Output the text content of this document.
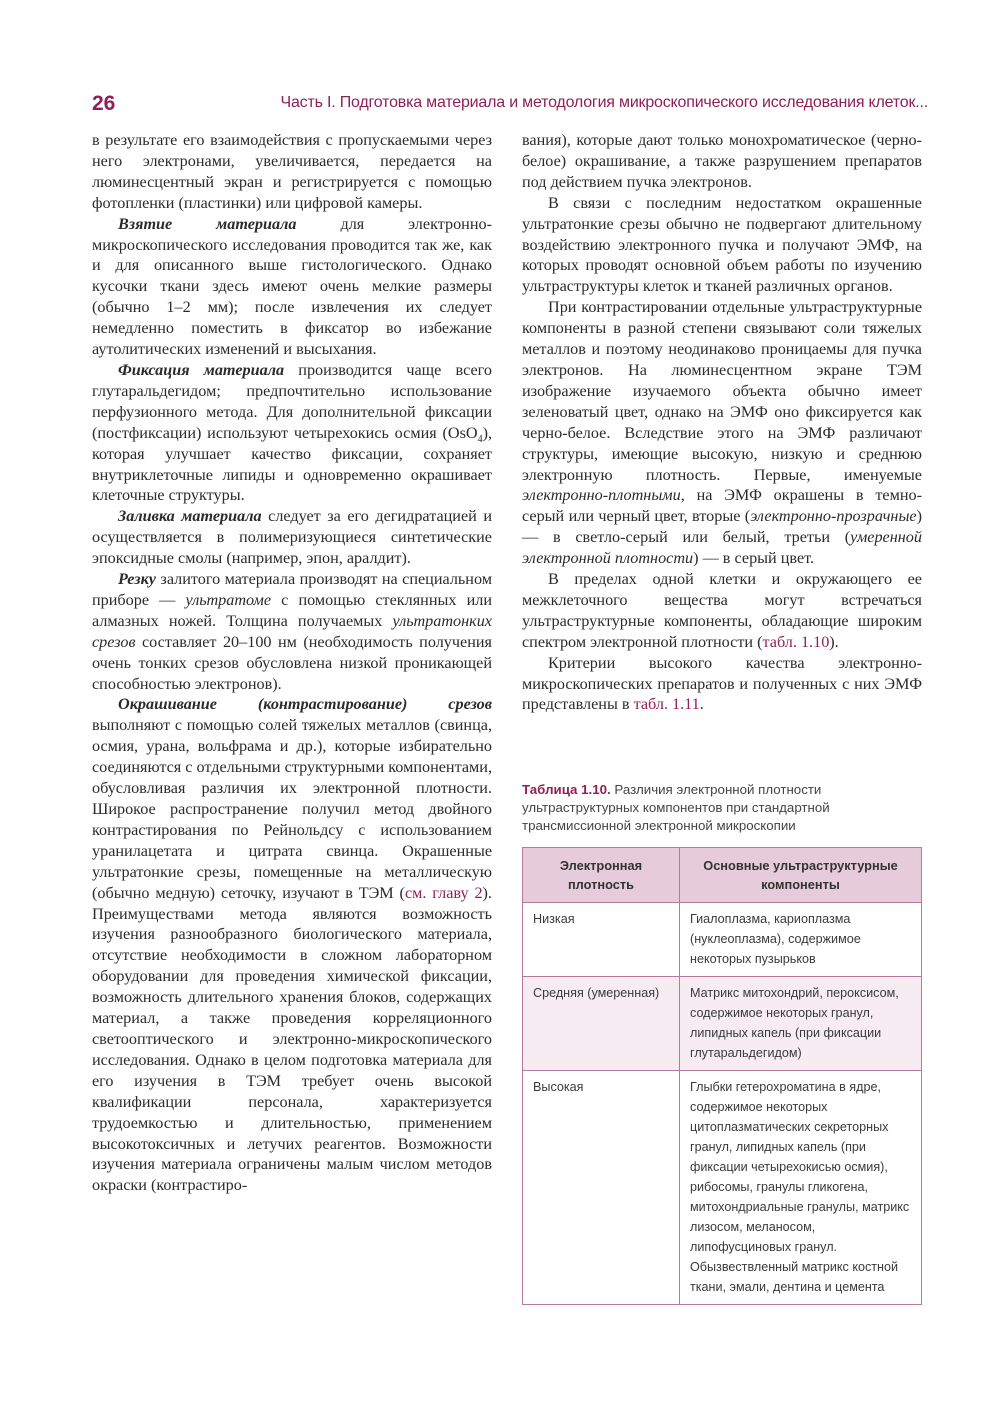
26	Часть I. Подготовка материала и методология микроскопического исследования клеток...

в результате его взаимодействия с пропускаемыми через него электронами, увеличивается, передается на люминесцентный экран и регистрируется с помощью фотопленки (пластинки) или цифровой камеры.

Взятие материала для электронно-микроскопического исследования проводится так же, как и для описанного выше гистологического. Однако кусочки ткани здесь имеют очень мелкие размеры (обычно 1–2 мм); после извлечения их следует немедленно поместить в фиксатор во избежание аутолитических изменений и высыхания.

Фиксация материала производится чаще всего глутаральдегидом; предпочтительно использование перфузионного метода. Для дополнительной фиксации (постфиксации) используют четырехокись осмия (OsO$_4$), которая улучшает качество фиксации, сохраняет внутриклеточные липиды и одновременно окрашивает клеточные структуры.

Заливка материала следует за его дегидратацией и осуществляется в полимеризующиеся синтетические эпоксидные смолы (например, эпон, аралдит).

Резку залитого материала производят на специальном приборе — ультратоме с помощью стеклянных или алмазных ножей. Толщина получаемых ультратонких срезов составляет 20–100 нм (необходимость получения очень тонких срезов обусловлена низкой проникающей способностью электронов).

Окрашивание (контрастирование) срезов выполняют с помощью солей тяжелых металлов (свинца, осмия, урана, вольфрама и др.), которые избирательно соединяются с отдельными структурными компонентами, обусловливая различия их электронной плотности. Широкое распространение получил метод двойного контрастирования по Рейнольдсу с использованием уранилацетата и цитрата свинца. Окрашенные ультратонкие срезы, помещенные на металлическую (обычно медную) сеточку, изучают в ТЭМ (см. главу 2). Преимуществами метода являются возможность изучения разнообразного биологического материала, отсутствие необходимости в сложном лабораторном оборудовании для проведения химической фиксации, возможность длительного хранения блоков, содержащих материал, а также проведения корреляционного светооптического и электронно-микроскопического исследования. Однако в целом подготовка материала для его изучения в ТЭМ требует очень высокой квалификации персонала, характеризуется трудоемкостью и длительностью, применением высокотоксичных и летучих реагентов. Возможности изучения материала ограничены малым числом методов окраски (контрастиро-

вания), которые дают только монохроматическое (черно-белое) окрашивание, а также разрушением препаратов под действием пучка электронов.

В связи с последним недостатком окрашенные ультратонкие срезы обычно не подвергают длительному воздействию электронного пучка и получают ЭМФ, на которых проводят основной объем работы по изучению ультраструктуры клеток и тканей различных органов.

При контрастировании отдельные ультраструктурные компоненты в разной степени связывают соли тяжелых металлов и поэтому неодинаково проницаемы для пучка электронов. На люминесцентном экране ТЭМ изображение изучаемого объекта обычно имеет зеленоватый цвет, однако на ЭМФ оно фиксируется как черно-белое. Вследствие этого на ЭМФ различают структуры, имеющие высокую, низкую и среднюю электронную плотность. Первые, именуемые электронно-плотными, на ЭМФ окрашены в темно-серый или черный цвет, вторые (электронно-прозрачные) — в светло-серый или белый, третьи (умеренной электронной плотности) — в серый цвет.

В пределах одной клетки и окружающего ее межклеточного вещества могут встречаться ультраструктурные компоненты, обладающие широким спектром электронной плотности (табл. 1.10).

Критерии высокого качества электронно-микроскопических препаратов и полученных с них ЭМФ представлены в табл. 1.11.

Таблица 1.10. Различия электронной плотности ультраструктурных компонентов при стандартной трансмиссионной электронной микроскопии
Электронная плотность	Основные ультраструктурные компоненты
Низкая	Гиалоплазма, кариоплазма (нуклеоплазма), содержимое некоторых пузырьков
Средняя (умеренная)	Матрикс митохондрий, пероксисом, содержимое некоторых гранул, липидных капель (при фиксации глутаральдегидом)
Высокая	Глыбки гетерохроматина в ядре, содержимое некоторых цитоплазматических секреторных гранул, липидных капель (при фиксации четырехокисью осмия), рибосомы, гранулы гликогена, митохондриальные гранулы, матрикс лизосом, меланосом, липофусциновых гранул. Обызвествленный матрикс костной ткани, эмали, дентина и цемента
